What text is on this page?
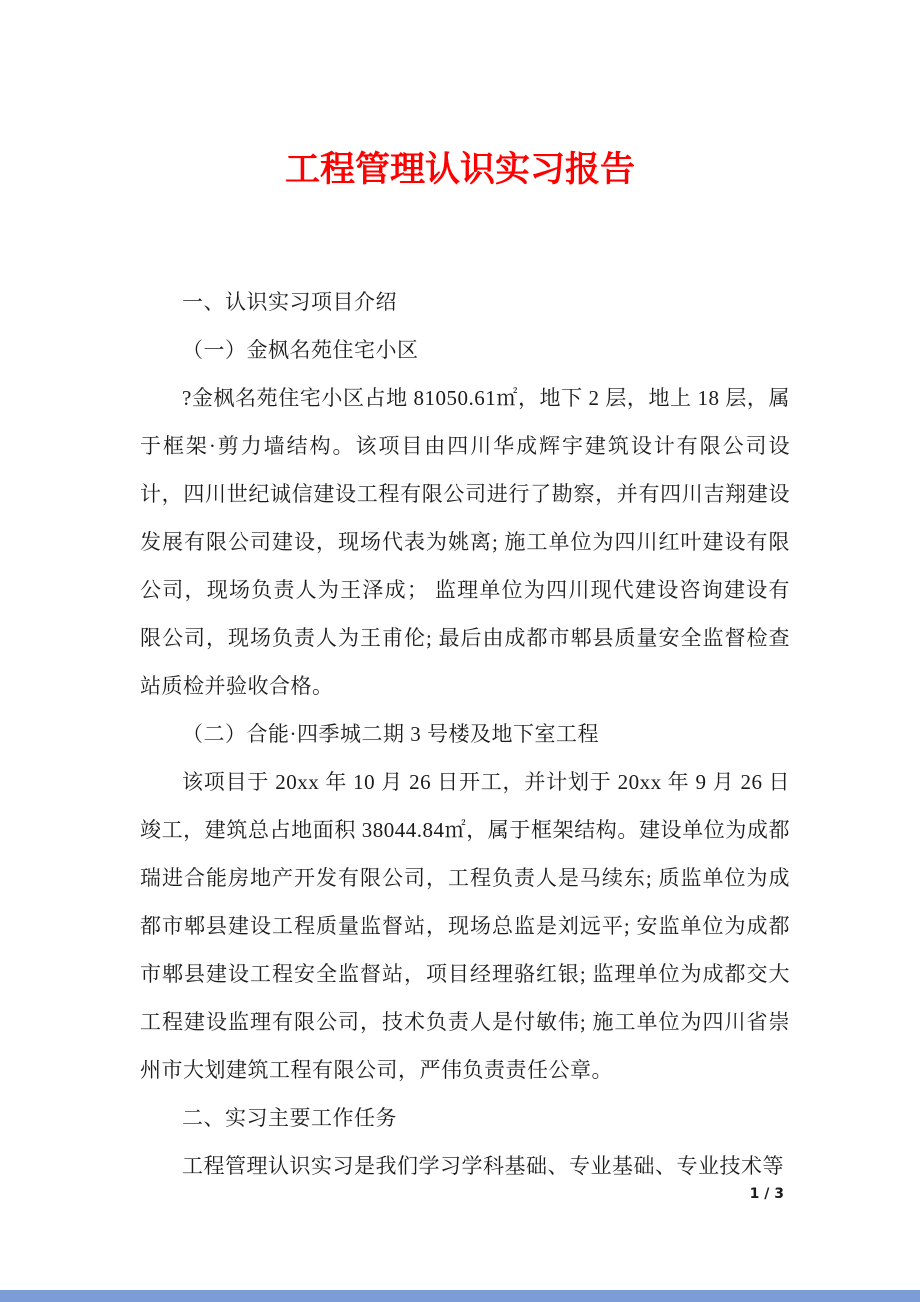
工程管理认识实习报告

一、认识实习项目介绍

（一）金枫名苑住宅小区

?金枫名苑住宅小区占地 81050.61㎡，地下 2 层，地上 18 层，属于框架·剪力墙结构。该项目由四川华成辉宇建筑设计有限公司设计，四川世纪诚信建设工程有限公司进行了勘察，并有四川吉翔建设发展有限公司建设，现场代表为姚离; 施工单位为四川红叶建设有限公司，现场负责人为王泽成； 监理单位为四川现代建设咨询建设有限公司，现场负责人为王甫伦; 最后由成都市郫县质量安全监督检查站质检并验收合格。

（二）合能·四季城二期 3 号楼及地下室工程

该项目于 20xx 年 10 月 26 日开工，并计划于 20xx 年 9 月 26 日竣工，建筑总占地面积 38044.84㎡，属于框架结构。建设单位为成都瑞进合能房地产开发有限公司，工程负责人是马续东; 质监单位为成都市郫县建设工程质量监督站，现场总监是刘远平; 安监单位为成都市郫县建设工程安全监督站，项目经理骆红银; 监理单位为成都交大工程建设监理有限公司，技术负责人是付敏伟; 施工单位为四川省崇州市大划建筑工程有限公司，严伟负责责任公章。

二、实习主要工作任务

工程管理认识实习是我们学习学科基础、专业基础、专业技术等

1 / 3
